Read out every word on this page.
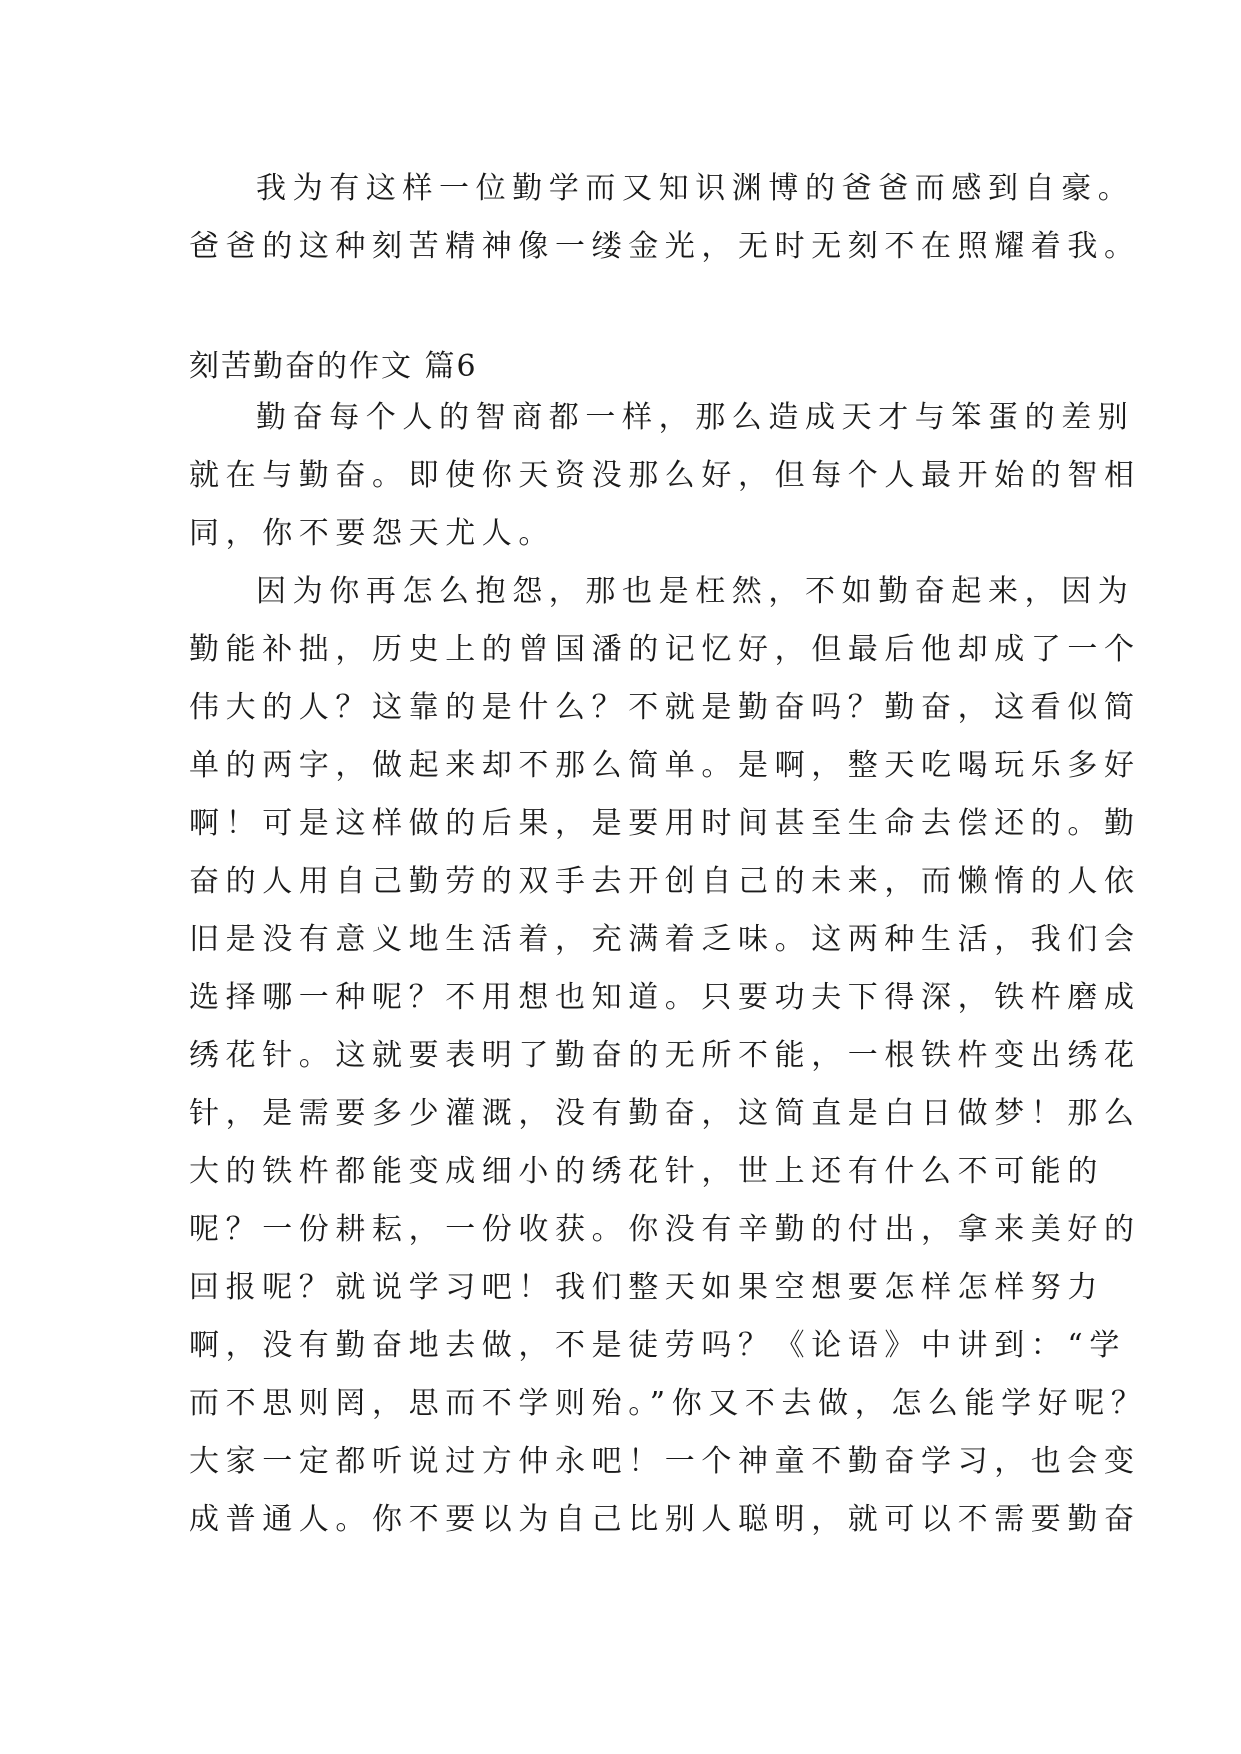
我为有这样一位勤学而又知识渊博的爸爸而感到自豪。
爸爸的这种刻苦精神像一缕金光，无时无刻不在照耀着我。
刻苦勤奋的作文 篇6
勤奋每个人的智商都一样，那么造成天才与笨蛋的差别
就在与勤奋。即使你天资没那么好，但每个人最开始的智相
同，你不要怨天尤人。
因为你再怎么抱怨，那也是枉然，不如勤奋起来，因为
勤能补拙，历史上的曾国潘的记忆好，但最后他却成了一个
伟大的人？这靠的是什么？不就是勤奋吗？勤奋，这看似简
单的两字，做起来却不那么简单。是啊，整天吃喝玩乐多好
啊！可是这样做的后果，是要用时间甚至生命去偿还的。勤
奋的人用自己勤劳的双手去开创自己的未来，而懒惰的人依
旧是没有意义地生活着，充满着乏味。这两种生活，我们会
选择哪一种呢？不用想也知道。只要功夫下得深，铁杵磨成
绣花针。这就要表明了勤奋的无所不能，一根铁杵变出绣花
针，是需要多少灌溉，没有勤奋，这简直是白日做梦！那么
大的铁杵都能变成细小的绣花针，世上还有什么不可能的
呢？一份耕耘，一份收获。你没有辛勤的付出，拿来美好的
回报呢？就说学习吧！我们整天如果空想要怎样怎样努力
啊，没有勤奋地去做，不是徒劳吗？《论语》中讲到：“学
而不思则罔，思而不学则殆。”你又不去做，怎么能学好呢？
大家一定都听说过方仲永吧！一个神童不勤奋学习，也会变
成普通人。你不要以为自己比别人聪明，就可以不需要勤奋
